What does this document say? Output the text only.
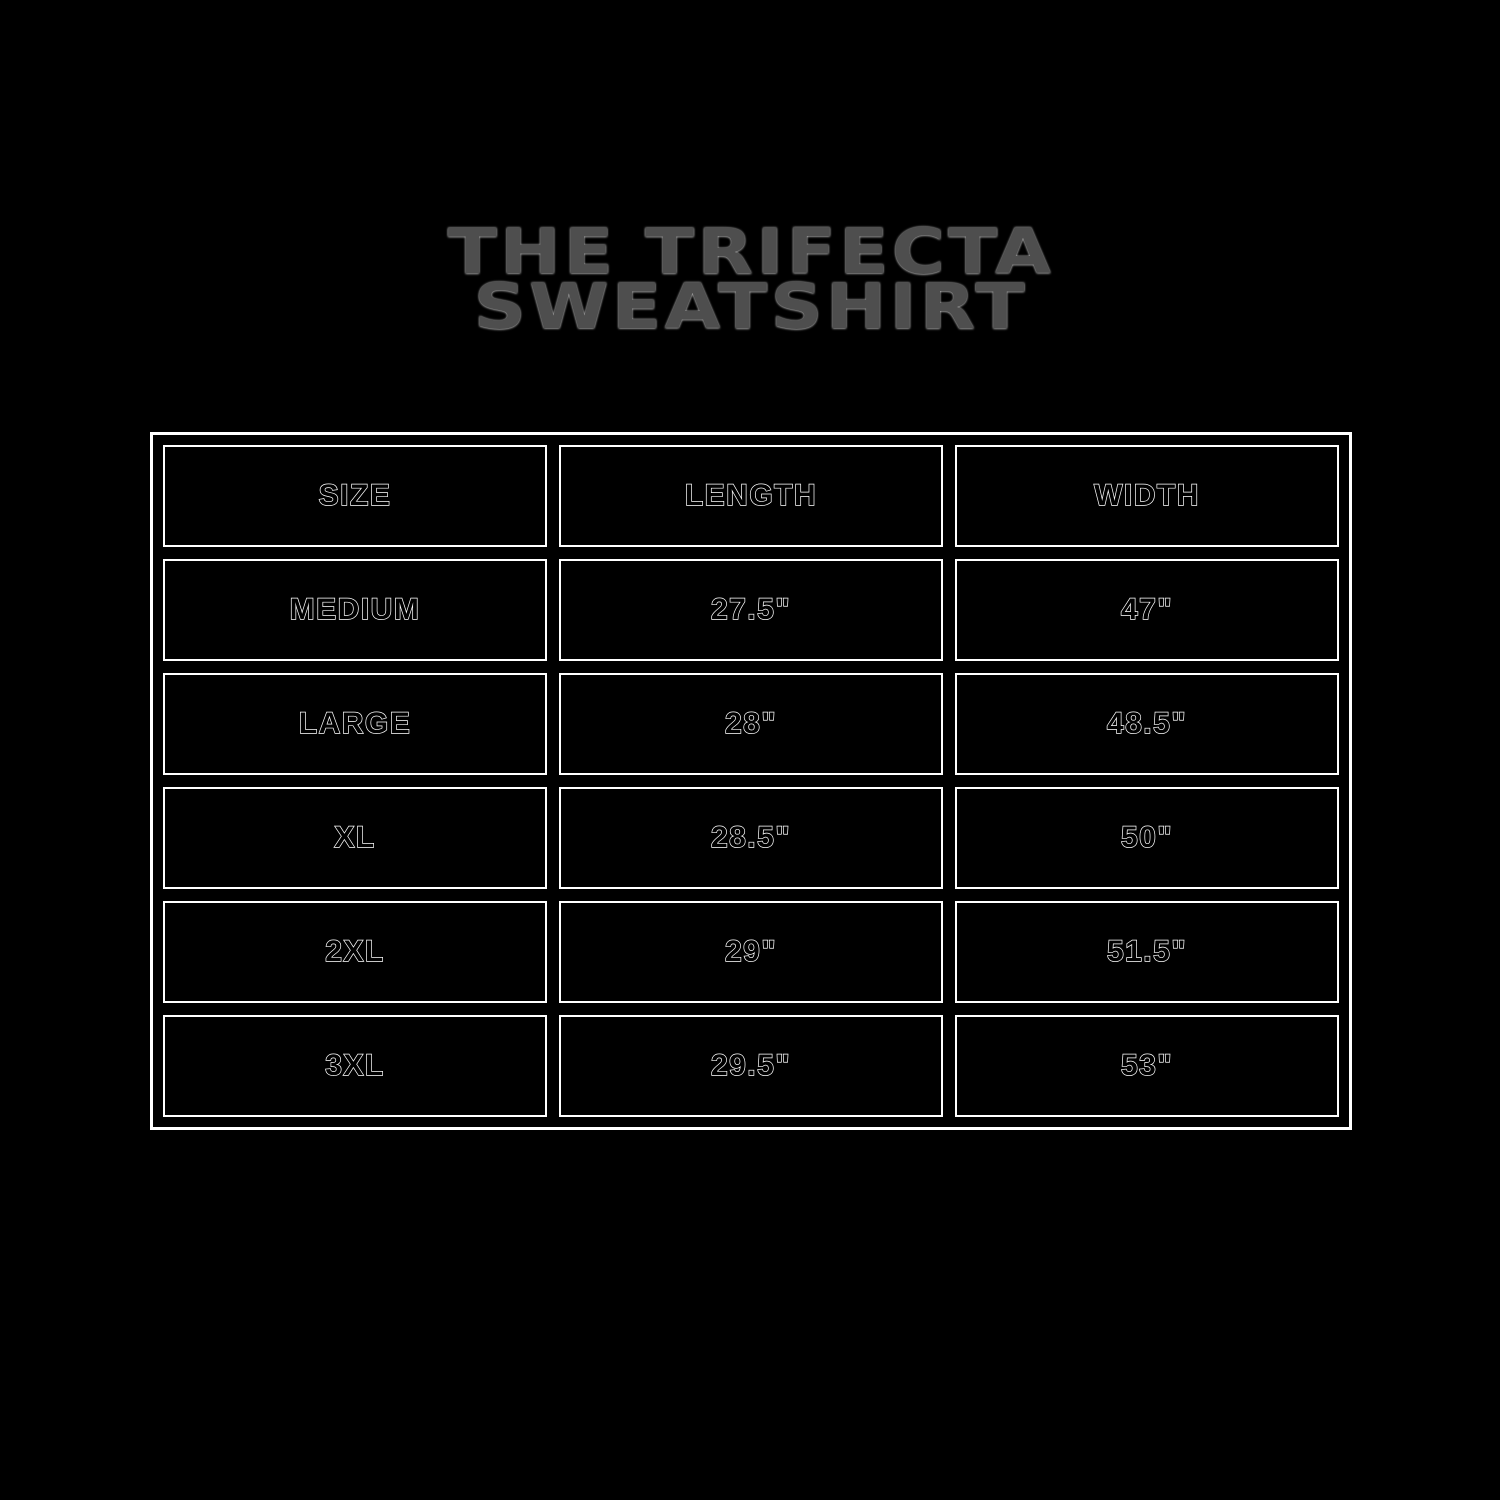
THE TRIFECTA
SWEATSHIRT
SIZE	LENGTH	WIDTH
MEDIUM	27.5"	47"
LARGE	28"	48.5"
XL	28.5"	50"
2XL	29"	51.5"
3XL	29.5"	53"
